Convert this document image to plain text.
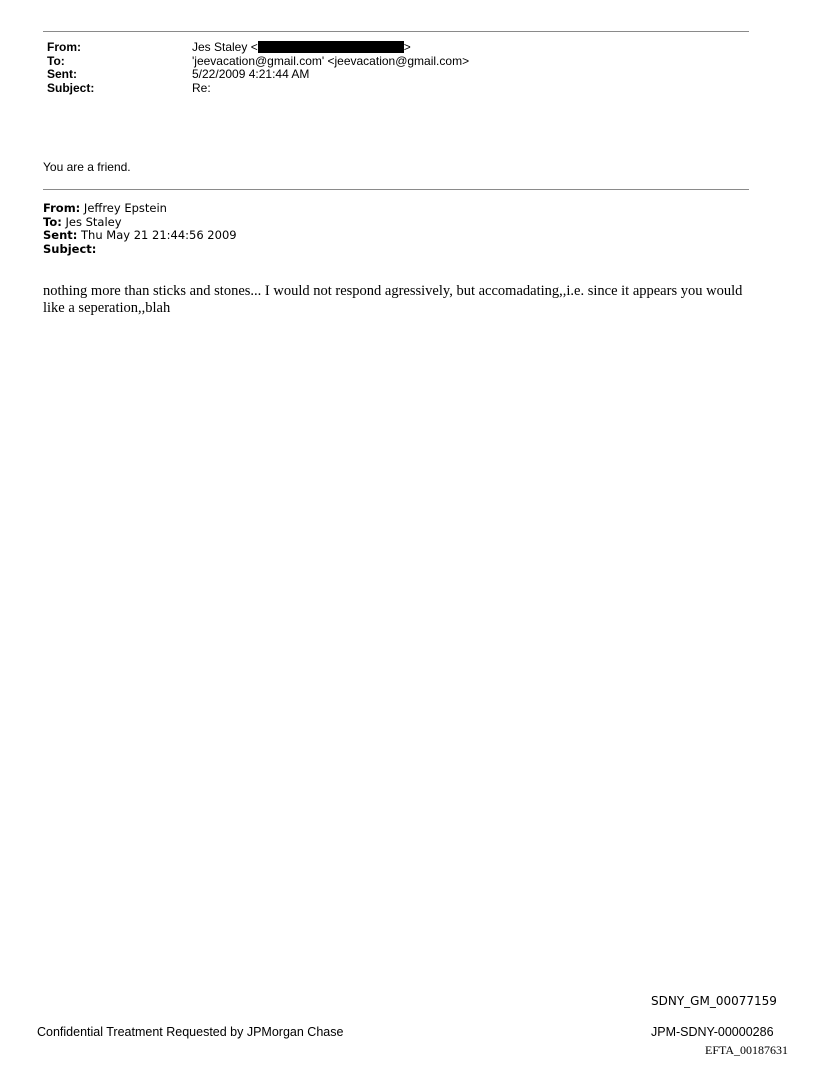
From:	Jes Staley <	>
To:	'jeevacation@gmail.com' <jeevacation@gmail.com>
Sent:	5/22/2009 4:21:44 AM
Subject:	Re:
You are a friend.
From: Jeffrey Epstein
To: Jes Staley
Sent: Thu May 21 21:44:56 2009
Subject:
nothing more than sticks and stones... I would not respond agressively, but accomadating,,i.e. since it appears you would like a seperation,,blah
SDNY_GM_00077159
Confidential Treatment Requested by JPMorgan Chase	JPM-SDNY-00000286
EFTA_00187631
